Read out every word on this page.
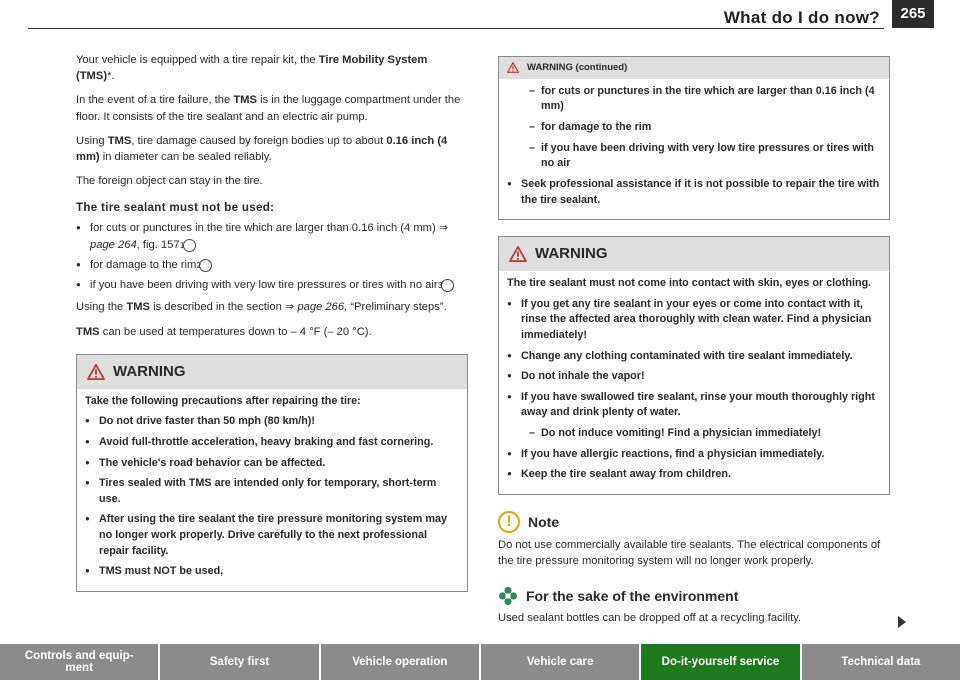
What do I do now?	265

Your vehicle is equipped with a tire repair kit, the Tire Mobility System (TMS)*.

In the event of a tire failure, the TMS is in the luggage compartment under the floor. It consists of the tire sealant and an electric air pump.

Using TMS, tire damage caused by foreign bodies up to about 0.16 inch (4 mm) in diameter can be sealed reliably.

The foreign object can stay in the tire.

The tire sealant must not be used:
● for cuts or punctures in the tire which are larger than 0.16 inch (4 mm) ⇒ page 264, fig. 1571
● for damage to the rim2
● if you have been driving with very low tire pressures or tires with no air3

Using the TMS is described in the section ⇒ page 266, “Preliminary steps”.

TMS can be used at temperatures down to – 4 °F (– 20 °C).

WARNING

Take the following precautions after repairing the tire:

● Do not drive faster than 50 mph (80 km/h)!
● Avoid full-throttle acceleration, heavy braking and fast cornering.
● The vehicle's road behavior can be affected.
● Tires sealed with TMS are intended only for temporary, short-term use.
● After using the tire sealant the tire pressure monitoring system may no longer work properly. Drive carefully to the next professional repair facility.
● TMS must NOT be used,
WARNING (continued)
– for cuts or punctures in the tire which are larger than 0.16 inch (4 mm)
– for damage to the rim
– if you have been driving with very low tire pressures or tires with no air
● Seek professional assistance if it is not possible to repair the tire with the tire sealant.
WARNING

The tire sealant must not come into contact with skin, eyes or clothing.

● If you get any tire sealant in your eyes or come into contact with it, rinse the affected area thoroughly with clean water. Find a physician immediately!
● Change any clothing contaminated with tire sealant immediately.
● Do not inhale the vapor!
● If you have swallowed tire sealant, rinse your mouth thoroughly right away and drink plenty of water.
– Do not induce vomiting! Find a physician immediately!
● If you have allergic reactions, find a physician immediately.
● Keep the tire sealant away from children.
!	Note

Do not use commercially available tire sealants. The electrical components of the tire pressure monitoring system will no longer work properly.

For the sake of the environment

Used sealant bottles can be dropped off at a recycling facility.

Controls and equip-
ment
Safety first	Vehicle operation	Vehicle care	Do-it-yourself service	Technical data
